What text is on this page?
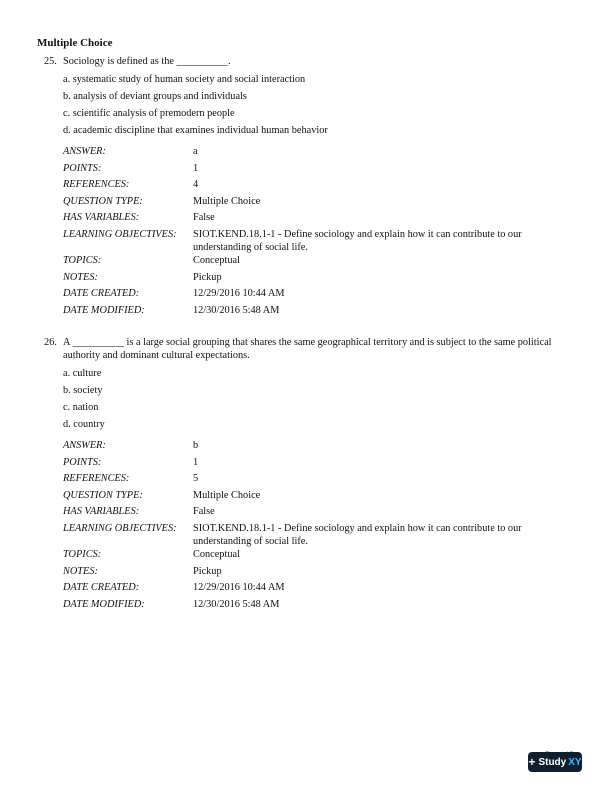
Multiple Choice
25. Sociology is defined as the __________.
a. systematic study of human society and social interaction
b. analysis of deviant groups and individuals
c. scientific analysis of premodern people
d. academic discipline that examines individual human behavior
ANSWER:	a
POINTS:	1
REFERENCES:	4
QUESTION TYPE:	Multiple Choice
HAS VARIABLES:	False
LEARNING OBJECTIVES:	SIOT.KEND.18.1-1 - Define sociology and explain how it can contribute to our understanding of social life.
TOPICS:	Conceptual
NOTES:	Pickup
DATE CREATED:	12/29/2016 10:44 AM
DATE MODIFIED:	12/30/2016 5:48 AM
26. A __________ is a large social grouping that shares the same geographical territory and is subject to the same political authority and dominant cultural expectations.
a. culture
b. society
c. nation
d. country
ANSWER:	b
POINTS:	1
REFERENCES:	5
QUESTION TYPE:	Multiple Choice
HAS VARIABLES:	False
LEARNING OBJECTIVES:	SIOT.KEND.18.1-1 - Define sociology and explain how it can contribute to our understanding of social life.
TOPICS:	Conceptual
NOTES:	Pickup
DATE CREATED:	12/29/2016 10:44 AM
DATE MODIFIED:	12/30/2016 5:48 AM
+ Study XY
